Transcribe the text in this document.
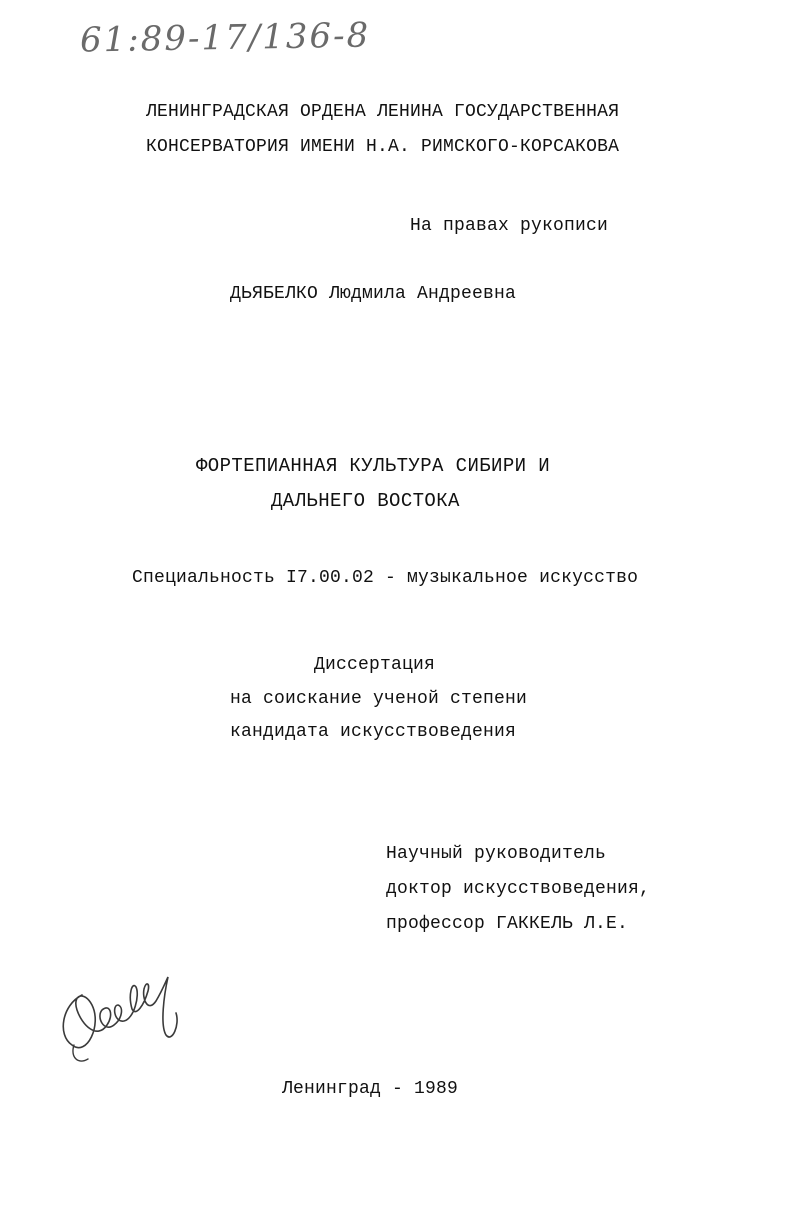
61:89-17/136-8
ЛЕНИНГРАДСКАЯ ОРДЕНА ЛЕНИНА ГОСУДАРСТВЕННАЯ
КОНСЕРВАТОРИЯ ИМЕНИ Н.А. РИМСКОГО-КОРСАКОВА
На правах рукописи
ДЬЯБЕЛКО Людмила Андреевна
ФОРТЕПИАННАЯ КУЛЬТУРА СИБИРИ И
ДАЛЬНЕГО ВОСТОКА
Специальность I7.00.02 - музыкальное искусство
Диссертация
на соискание ученой степени
кандидата искусствоведения
Научный руководитель
доктор искусствоведения,
профессор ГАККЕЛЬ Л.Е.
Ленинград - 1989
